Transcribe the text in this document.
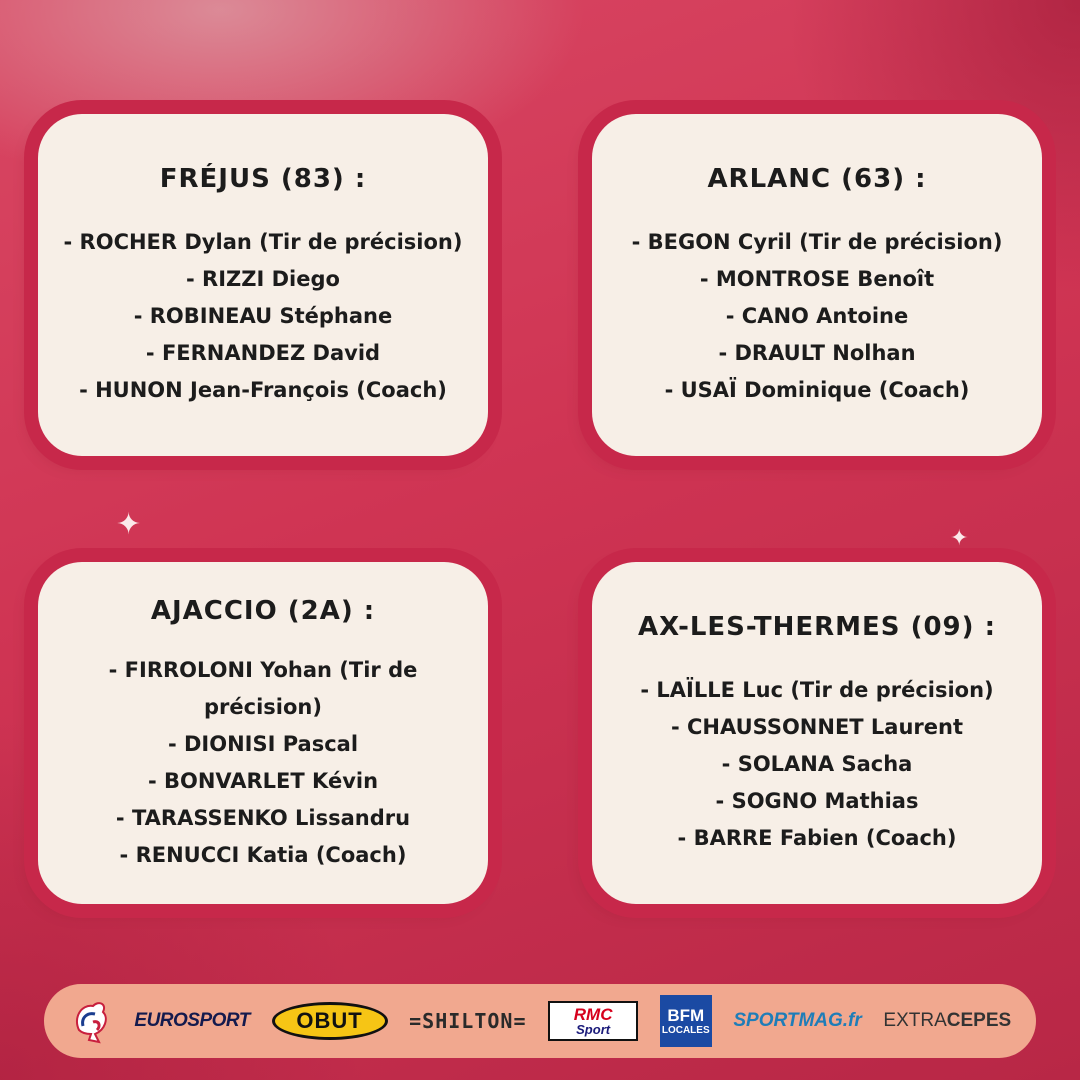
✦	✦
FRÉJUS (83) :
- ROCHER Dylan (Tir de précision)
- RIZZI Diego
- ROBINEAU Stéphane
- FERNANDEZ David
- HUNON Jean-François (Coach)
ARLANC (63) :
- BEGON Cyril (Tir de précision)
- MONTROSE Benoît
- CANO Antoine
- DRAULT Nolhan
- USAÏ Dominique (Coach)
AJACCIO (2A) :
- FIRROLONI Yohan (Tir de précision)
- DIONISI Pascal
- BONVARLET Kévin
- TARASSENKO Lissandru
- RENUCCI Katia (Coach)
AX-LES-THERMES (09) :
- LAÏLLE Luc (Tir de précision)
- CHAUSSONNET Laurent
- SOLANA Sacha
- SOGNO Mathias
- BARRE Fabien (Coach)
EUROSPORT	OBUT	=SHILTON=	RMC
Sport
BFM
LOCALES SPORTMAG.fr EXTRA CEPES
